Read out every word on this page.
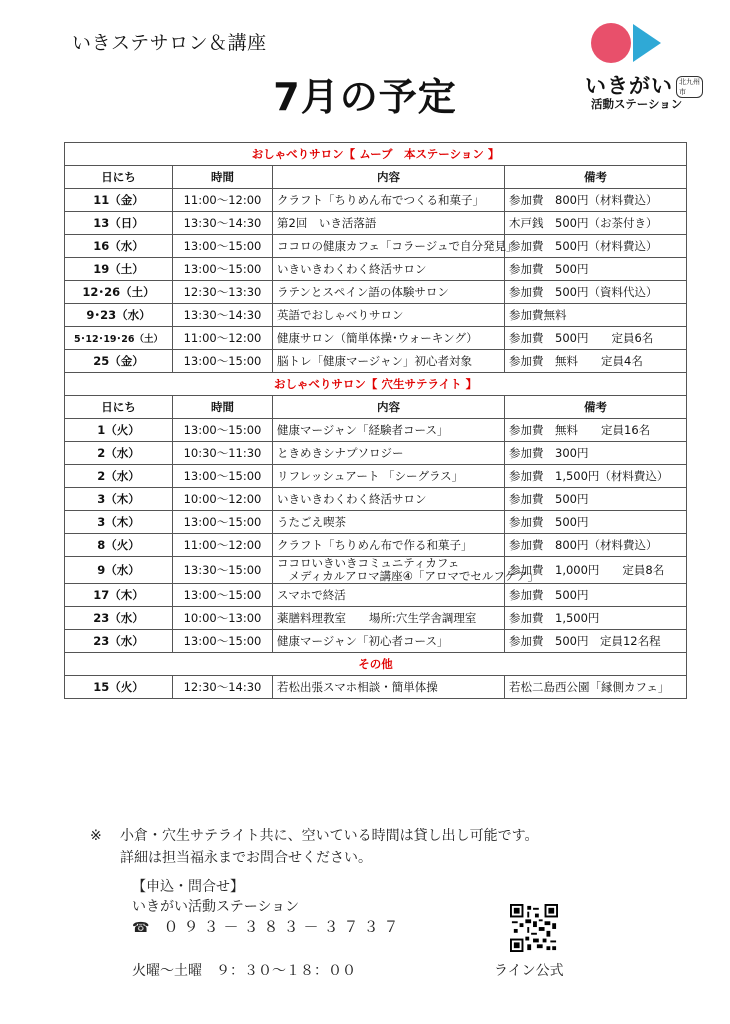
いきステサロン＆講座
7月の予定	いきがい 北九州市
活動ステーション
おしゃべりサロン【 ムーブ　本ステーション 】			
日にち	時間	内容	備考
11（金）	11:00～12:00	クラフト「ちりめん布でつくる和菓子」	参加費　800円（材料費込）
13（日）	13:30～14:30	第2回　いき活落語	木戸銭　500円（お茶付き）
16（水）	13:00～15:00	ココロの健康カフェ「コラージュで自分発見」	参加費　500円（材料費込）
19（土）	13:00～15:00	いきいきわくわく終活サロン	参加費　500円
12･26（土）	12:30～13:30	ラテンとスペイン語の体験サロン	参加費　500円（資料代込）
9･23（水）	13:30～14:30	英語でおしゃべりサロン	参加費無料
5･12･19･26（土）	11:00～12:00	健康サロン（簡単体操･ウォーキング）	参加費　500円　　定員6名
25（金）	13:00～15:00	脳トレ「健康マージャン」初心者対象	参加費　無料　　定員4名
おしゃべりサロン【 穴生サテライト 】			
日にち	時間	内容	備考
1（火）	13:00～15:00	健康マージャン「経験者コース」	参加費　無料　　定員16名
2（水）	10:30～11:30	ときめきシナプソロジー	参加費　300円
2（水）	13:00～15:00	リフレッシュアート 「シーグラス」	参加費　1,500円（材料費込）
3（木）	10:00～12:00	いきいきわくわく終活サロン	参加費　500円
3（木）	13:00～15:00	うたごえ喫茶	参加費　500円
8（火）	11:00～12:00	クラフト「ちりめん布で作る和菓子」	参加費　800円（材料費込）
9（水）	13:30～15:00	ココロいきいきコミュニティカフェ
　メディカルアロマ講座④「アロマでセルフケア」	参加費　1,000円　　定員8名
17（木）	13:00～15:00	スマホで終活	参加費　500円
23（水）	10:00～13:00	薬膳料理教室　　場所:穴生学舎調理室	参加費　1,500円
23（水）	13:00～15:00	健康マージャン「初心者コース」	参加費　500円　定員12名程
その他			
15（火）	12:30～14:30	若松出張スマホ相談・簡単体操	若松二島西公園「縁側カフェ」
※ 小倉・穴生サテライト共に、空いている時間は貸し出し可能です。
詳細は担当福永までお問合せください。
【申込・問合せ】
いきがい活動ステーション
☎　 ０９３－３８３－３７３７
火曜～土曜　９：３０～１８：００	ライン公式
